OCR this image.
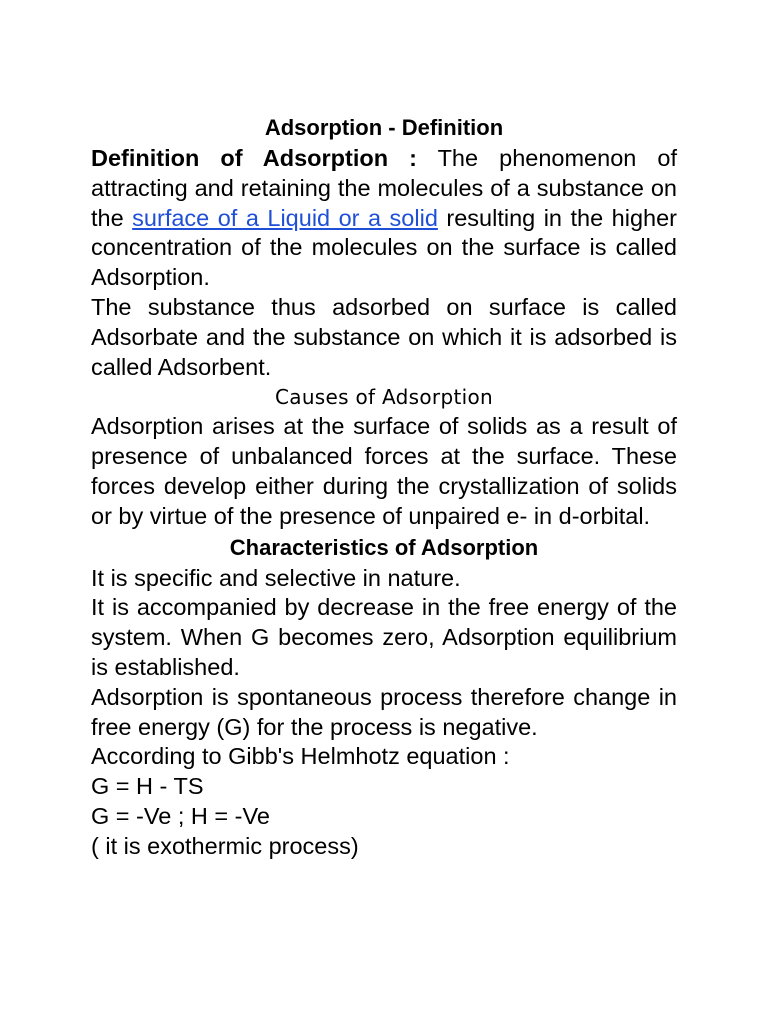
Adsorption - Definition

Definition of Adsorption : The phenomenon of attracting and retaining the molecules of a substance on the surface of a Liquid or a solid resulting in the higher concentration of the molecules on the surface is called Adsorption.

The substance thus adsorbed on surface is called Adsorbate and the substance on which it is adsorbed is called Adsorbent.

Causes of Adsorption

Adsorption arises at the surface of solids as a result of presence of unbalanced forces at the surface. These forces develop either during the crystallization of solids or by virtue of the presence of unpaired e- in d-orbital.

Characteristics of Adsorption

It is specific and selective in nature.

It is accompanied by decrease in the free energy of the system. When G becomes zero, Adsorption equilibrium is established.

Adsorption is spontaneous process therefore change in free energy (G) for the process is negative.

According to Gibb's Helmhotz equation :

G = H - TS

G = -Ve ; H = -Ve

( it is exothermic process)
